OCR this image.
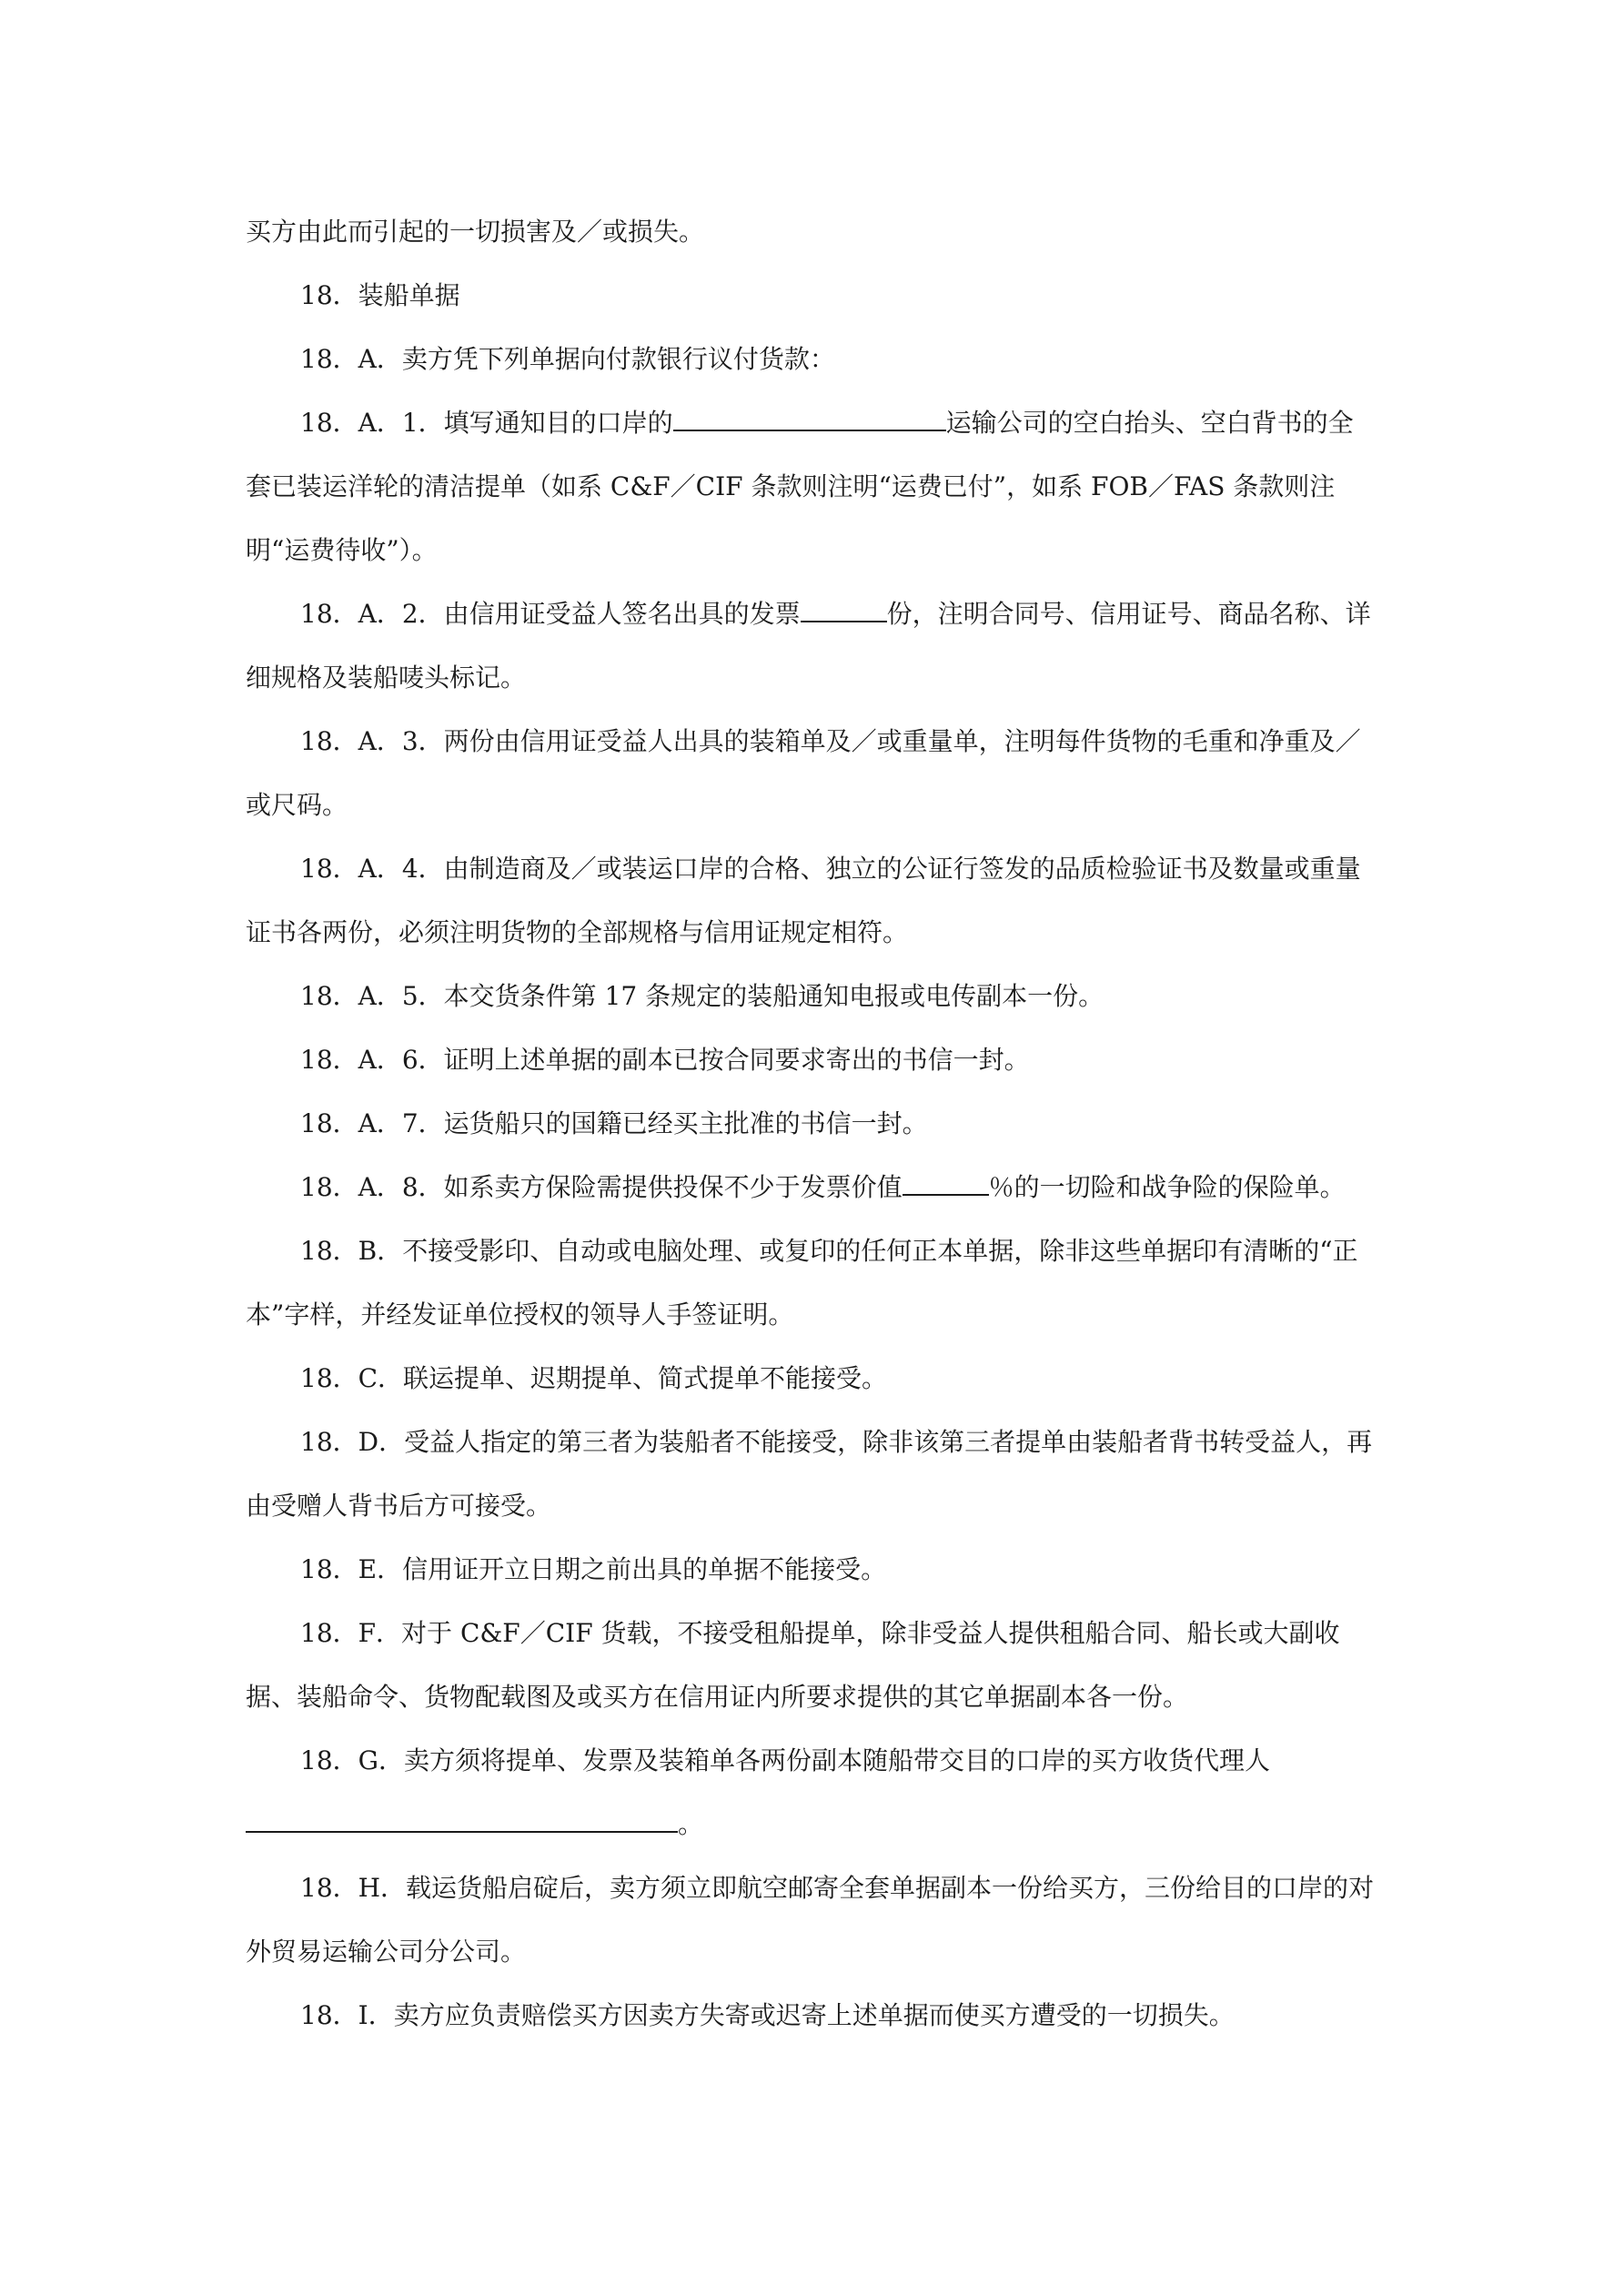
买方由此而引起的一切损害及／或损失。

18．装船单据

18．A．卖方凭下列单据向付款银行议付货款：

18．A．1．填写通知目的口岸的	运输公司的空白抬头、空白背书的全套已装运洋轮的清洁提单（如系 C&F／CIF 条款则注明“运费已付”，如系 FOB／FAS 条款则注明“运费待收”）。

18．A．2．由信用证受益人签名出具的发票	份，注明合同号、信用证号、商品名称、详细规格及装船唛头标记。

18．A．3．两份由信用证受益人出具的装箱单及／或重量单，注明每件货物的毛重和净重及／或尺码。

18．A．4．由制造商及／或装运口岸的合格、独立的公证行签发的品质检验证书及数量或重量证书各两份，必须注明货物的全部规格与信用证规定相符。

18．A．5．本交货条件第 17 条规定的装船通知电报或电传副本一份。

18．A．6．证明上述单据的副本已按合同要求寄出的书信一封。

18．A．7．运货船只的国籍已经买主批准的书信一封。

18．A．8．如系卖方保险需提供投保不少于发票价值	％的一切险和战争险的保险单。

18．B．不接受影印、自动或电脑处理、或复印的任何正本单据，除非这些单据印有清晰的“正本”字样，并经发证单位授权的领导人手签证明。

18．C．联运提单、迟期提单、简式提单不能接受。

18．D．受益人指定的第三者为装船者不能接受，除非该第三者提单由装船者背书转受益人，再由受赠人背书后方可接受。

18．E．信用证开立日期之前出具的单据不能接受。

18．F．对于 C&F／CIF 货载，不接受租船提单，除非受益人提供租船合同、船长或大副收据、装船命令、货物配载图及或买方在信用证内所要求提供的其它单据副本各一份。

18．G．卖方须将提单、发票及装箱单各两份副本随船带交目的口岸的买方收货代理人

。

18．H．载运货船启碇后，卖方须立即航空邮寄全套单据副本一份给买方，三份给目的口岸的对外贸易运输公司分公司。

18．I．卖方应负责赔偿买方因卖方失寄或迟寄上述单据而使买方遭受的一切损失。
